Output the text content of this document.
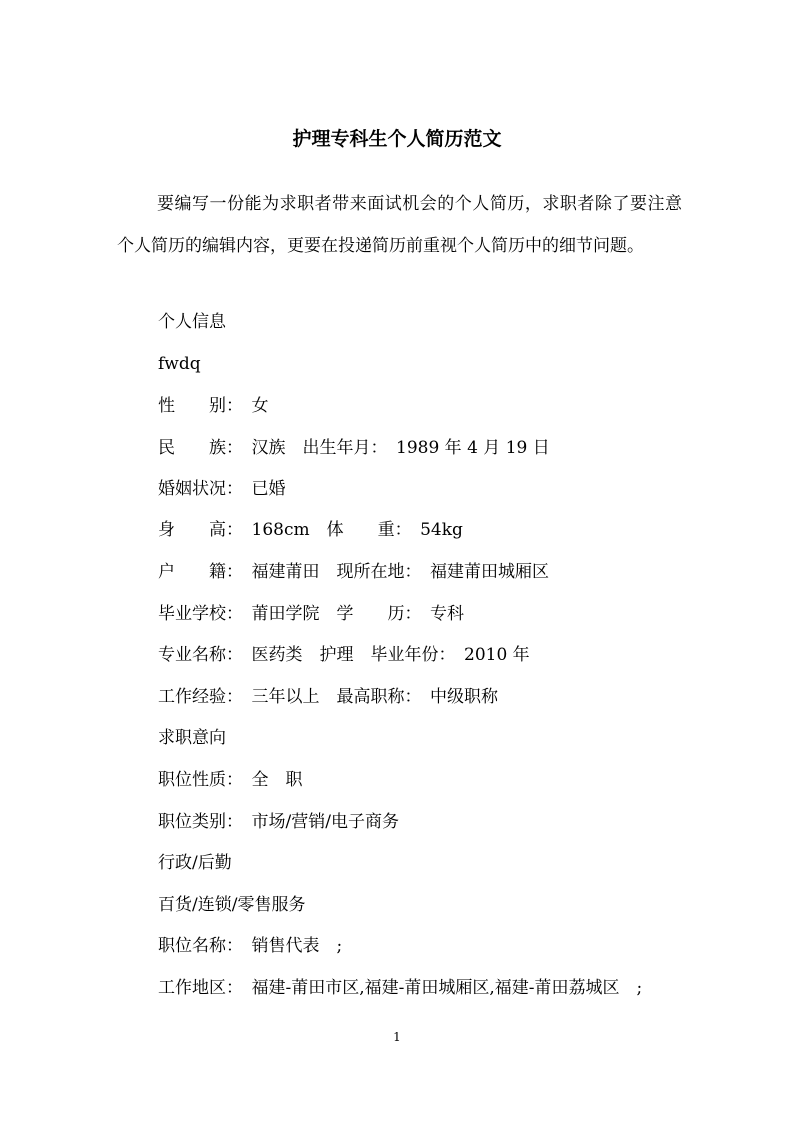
护理专科生个人简历范文
要编写一份能为求职者带来面试机会的个人简历，求职者除了要注意个人简历的编辑内容，更要在投递简历前重视个人简历中的细节问题。
个人信息
fwdq
性　　别：　女
民　　族：　汉族　出生年月：　1989 年 4 月 19 日
婚姻状况：　已婚
身　　高：　168cm　体　　重：　54kg
户　　籍：　福建莆田　现所在地：　福建莆田城厢区
毕业学校：　莆田学院　学　　历：　专科
专业名称：　医药类　护理　毕业年份：　2010 年
工作经验：　三年以上　最高职称：　中级职称
求职意向
职位性质：　全　职
职位类别：　市场/营销/电子商务
行政/后勤
百货/连锁/零售服务
职位名称：　销售代表　;
工作地区：　福建-莆田市区,福建-莆田城厢区,福建-莆田荔城区　;
1
